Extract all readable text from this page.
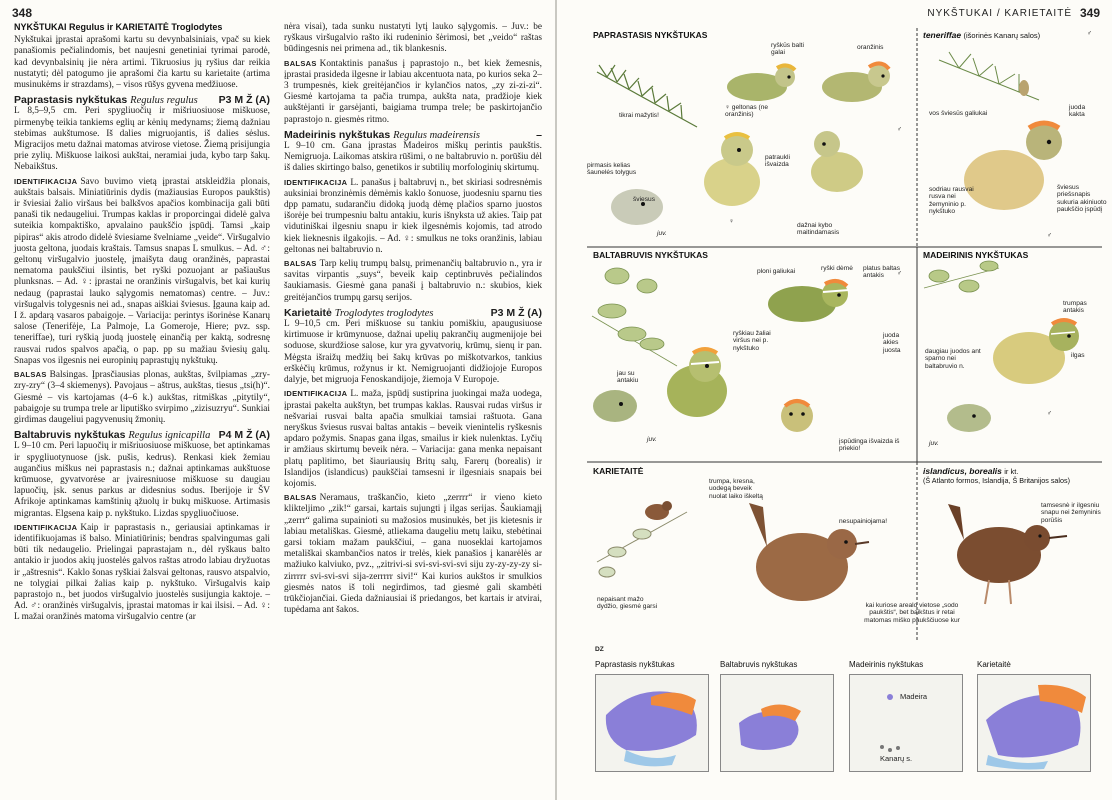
348

NYKŠTUKAI Regulus ir KARIETAITĖ Troglodytes

Nykštukai įprastai aprašomi kartu su devynbalsiniais, vpač su kiek panašiomis pečialindomis, bet naujesni genetiniai tyrimai parodė, kad devynbalsinių jie nėra artimi. Tikruosius jų ryšius dar reikia nustatyti; dėl patogumo jie aprašomi čia kartu su karietaite (artima musinukėms ir strazdams), – visos rūšys gyvena medžiuose.

Paprastasis nykštukas Regulus regulus P3 M Ž (A)

L 8,5–9,5 cm. Peri spygliuočių ir mišriuosiuose miškuose, pirmenybę teikia tankiems eglių ar kėnių medynams; žiemą dažniau stebimas aukštumose. Iš dalies migruojantis, iš dalies sėslus. Migracijos metu dažnai matomas atvirose vietose. Žiemą prisijungia prie zylių. Miškuose laikosi aukštai, neramiai juda, kybo tarp šakų. Nebaikštus.

IDENTIFIKACIJA Savo buvimo vietą įprastai atskleidžia plonais, aukštais balsais. Miniatiūrinis dydis (mažiausias Europos paukštis) ir šviesiai žalio viršaus bei balkšvos apačios kombinacija gali būti panaši tik nedaugeliui. Trumpas kaklas ir proporcingai didelė galva suteikia kompaktiško, apvalaino paukščio įspūdį. Tamsi „kaip pipiras“ akis atrodo didelė šviesiame švelniame „veide“. Viršugalvio juosta geltona, juodais kraštais. Tamsus snapas L smulkus. – Ad. ♂: geltonų viršugalvio juostelę, įmaišyta daug oranžinės, paprastai nematoma paukščiui ilsintis, bet ryški pozuojant ar pašiaušus plunksnas. – Ad. ♀: įprastai ne oranžinis viršugalvis, bet kai kurių nedaug (paprastai lauko sąlygomis nematomas) centre. – Juv.: viršugalvis tolygesnis nei ad., snapas aiškiai šviesus. Įgauna kaip ad. I ž. apdarą vasaros pabaigoje. – Variacija: perintys išorinėse Kanarų salose (Tenerifėje, La Palmoje, La Gomeroje, Hiere; pvz. ssp. teneriffae), turi ryškią juodą juostelę einančią per kaktą, sodresnę rausvai rudos spalvos apačią, o pap. pp su mažiau šviesių galų. Snapas vos ilgesnis nei europinių paprastųjų nykštukų.

BALSAS Balsingas. Įprasčiausias plonas, aukštas, švilpiamas „zry-zry-zry“ (3–4 skiemenys). Pavojaus – aštrus, aukštas, tiesus „tsi(h)“. Giesmė – vis kartojamas (4–6 k.) aukštas, ritmiškas „pitytily“, pabaigoje su trumpa trele ar liputiško svirpimo „zizisuzryu“. Sunkiai girdimas daugeliui pagyvenusių žmonių.

Baltabruvis nykštukas Regulus ignicapilla P4 M Ž (A)

L 9–10 cm. Peri lapuočių ir mišriuosiuose miškuose, bet aptinkamas ir spygliuotynuose (jsk. pušis, kedrus). Renkasi kiek žemiau augančius miškus nei paprastasis n.; dažnai aptinkamas aukštuose krūmuose, gyvatvorėse ar įvairesniuose miškuose su daugiau lapuočių, įsk. senus parkus ar didesnius sodus. Iberijoje ir ŠV Afrikoje aptinkamas kamštinių ąžuolų ir bukų miškuose. Artimasis migrantas. Elgsena kaip p. nykštuko. Lizdas spygliuočiuose.

IDENTIFIKACIJA Kaip ir paprastasis n., geriausiai aptinkamas ir identifikuojamas iš balso. Miniatiūrinis; bendras spalvingumas gali būti tik nedaugelio. Prielingai paprastajam n., dėl ryškaus balto antakio ir juodos akių juostelės galvos raštas atrodo labiau dryžuotas ir „aštresnis“. Kaklo šonas ryškiai žalsvai geltonas, rausvo atspalvio, ne tolygiai pilkai žalias kaip p. nykštuko. Viršugalvis kaip paprastojo n., bet juodos viršugalvio juostelės susijungia kaktoje. – Ad. ♂: oranžinės viršugalvis, įprastai matomas ir kai ilsisi. – Ad. ♀: L mažai oranžinės matoma viršugalvio centre (ar

nėra visai), tada sunku nustatyti lytį lauko sąlygomis. – Juv.: be ryškaus viršugalvio rašto iki rudeninio šėrimosi, bet „veido“ raštas būdingesnis nei primena ad., tik blankesnis.

BALSAS Kontaktinis panašus į paprastojo n., bet kiek žemesnis, įprastai prasideda ilgesne ir labiau akcentuota nata, po kurios seka 2–3 trumpesnės, kiek greitėjančios ir kylančios natos, „zy zi-zi-zi“. Giesmė kartojama ta pačia trumpa, aukšta nata, pradžioje kiek aukštėjanti ir garsėjanti, baigiama trumpa trele; be paskirtojančio paprastojo n. giesmės ritmo.

Madeirinis nykštukas Regulus madeirensis	–

L 9–10 cm. Gana įprastas Madeiros miškų perintis paukštis. Nemigruoja. Laikomas atskira rūšimi, o ne baltabruvio n. porūšiu dėl iš dalies skirtingo balso, genetikos ir subtilių morfologinių skirtumų.

IDENTIFIKACIJA L. panašus į baltabruvį n., bet skiriasi sodresnėmis auksiniai bronzinėmis dėmėmis kaklo šonuose, juodesniu sparnu ties dpp pamatu, sudarančiu didoką juodą dėmę plačios sparno juostos išorėje bei trumpesniu baltu antakiu, kuris išnyksta už akies. Taip pat vidutiniškai ilgesniu snapu ir kiek ilgesnėmis kojomis, tad atrodo kiek lieknesnis ilgakojis. – Ad. ♀: smulkus ne toks oranžinis, labiau geltonas nei baltabruvio n.

BALSAS Tarp kelių trumpų balsų, primenančių baltabruvio n., yra ir savitas virpantis „suys“, beveik kaip ceptinbruvės pečialindos šaukiamasis. Giesmė gana panaši į baltabruvio n.: skubios, kiek greitėjančios trumpų garsų serijos.

Karietaitė Troglodytes troglodytes	P3 M Ž (A)

L 9–10,5 cm. Peri miškuose su tankiu pomiškiu, apaugusiuose kirtimuose ir krūmynuose, dažnai upelių pakrančių augmenijoje bei soduose, skurdžiose salose, kur yra gyvatvorių, krūmų, sienų ir pan. Mėgsta išraižų medžių bei šakų krūvas po miškotvarkos, tankius erškėčių krūmus, rožynus ir kt. Nemigruojanti didžiojoje Europos dalyje, bet migruoja Fenoskandijoje, žiemoja V Europoje.

IDENTIFIKACIJA L. maža, įspūdį sustiprina juokingai maža uodega, įprastai pakelta aukštyn, bet trumpas kaklas. Rausvai rudas viršus ir nešvariai rusvai balta apačia smulkiai tamsiai raštuota. Gana neryškus šviesus rusvai baltas antakis – beveik vienintelis ryškesnis apdaro požymis. Snapas gana ilgas, smailus ir kiek nulenktas. Lyčių ir amžiaus skirtumų beveik nėra. – Variacija: gana menka nepaisant platų paplitimo, bet šiauriausių Britų salų, Farerų (borealis) ir Islandijos (islandicus) paukščiai tamsesni ir ilgesniais snapais bei kojomis.

BALSAS Neramaus, traškančio, kieto „zerrrr“ ir vieno kieto klikteljimo „zik!“ garsai, kartais sujungti į ilgas serijas. Šaukiamąjį „zerrr“ galima supainioti su mažosios musinukės, bet jis kietesnis ir labiau metališkas. Giesmė, atliekama daugeliu metų laiku, stebėtinai garsi tokiam mažam paukščiui, – gana nuoseklai kartojamos metališkai skambančios natos ir trelės, kiek panašios į kanarėlės ar mažiuko kalviuko, pvz., „zitrivi-si svi-svi-svi-svi siju zy-zy-zy-zy si-zirrrrr svi-svi-svi sija-zerrrrr sivi!“ Kai kurios aukštos ir smulkios giesmės natos iš toli negirdimos, tad giesmė gali skambėti trūkčiojančiai. Gieda dažniausiai iš priedangos, bet kartais ir atvirai, tupėdama ant šakos.

NYKŠTUKAI / KARIETAITĖ 349
PAPRASTASIS NYKŠTUKAS
ryškūs balti galai
oranžinis
tikrai mažytis!
♀ geltonas (ne oranžinis)
♂
pirmasis kelias šaunelės tolygus
šviesus
patraukli išvaizda
juv.
♀
dažnai kybo maitindamasis
teneriffae (išorinės Kanarų salos)	♂
vos šviesūs galiukai
juoda kakta
sodriau rausvai rusva nei žemyninio p. nykštuko
šviesus priešsnapis sukuria akiniuoto paukščio įspūdį
♂
BALTABRUVIS NYKŠTUKAS
ploni galiukai	ryški dėmė	platus baltas antakis
ryškiau žaliai viršus nei p. nykštuko
juoda akies juosta
jau su antakiu
♂
juv.	įspūdinga išvaizda iš priekio!
MADEIRINIS NYKŠTUKAS
trumpas antakis
daugiau juodos ant sparno nei baltabruvio n.
ilgas
♂
juv.
KARIETAITĖ
trumpa, kresna, uodegą beveik nuolat laiko iškeltą
nesupainiojama!
nepaisant mažo dydžio, giesmė garsi
islandicus, borealis ir kt.
(Š Atlanto formos, Islandija, Š Britanijos salos)
tamsesnė ir ilgesniu snapu nei žemyninis porūšis
kai kuriose arealo vietose „sodo paukštis“, bet baikštus ir retai matomas miško paukščiuose kur
DZ
Paprastasis nykštukas	Baltabruvis nykštukas	Madeirinis nykštukas	Karietaitė
Madeira
Kanarų s.
